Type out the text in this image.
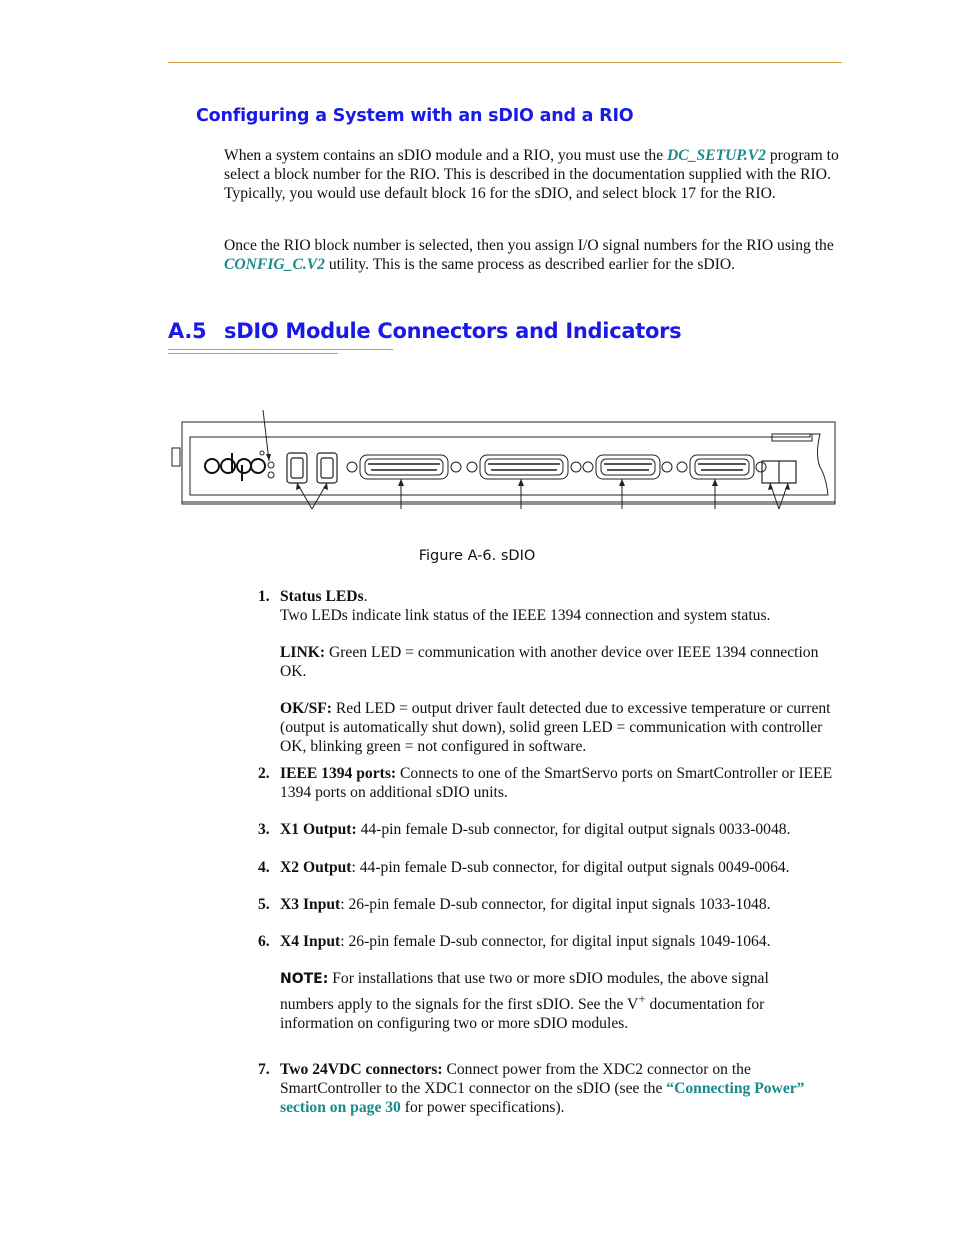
Configuring a System with an sDIO and a RIO

When a system contains an sDIO module and a RIO, you must use the DC_SETUP.V2 program to select a block number for the RIO. This is described in the documentation supplied with the RIO. Typically, you would use default block 16 for the sDIO, and select block 17 for the RIO.

Once the RIO block number is selected, then you assign I/O signal numbers for the RIO using the CONFIG_C.V2 utility. This is the same process as described earlier for the sDIO.

A.5 sDIO Module Connectors and Indicators

Figure A-6. sDIO

1. Status LEDs.
Two LEDs indicate link status of the IEEE 1394 connection and system status.
LINK: Green LED = communication with another device over IEEE 1394 connection OK.
OK/SF: Red LED = output driver fault detected due to excessive temperature or current (output is automatically shut down), solid green LED = communication with controller OK, blinking green = not configured in software.
2. IEEE 1394 ports: Connects to one of the SmartServo ports on SmartController or IEEE 1394 ports on additional sDIO units.
3. X1 Output: 44-pin female D-sub connector, for digital output signals 0033-0048.
4. X2 Output: 44-pin female D-sub connector, for digital output signals 0049-0064.
5. X3 Input: 26-pin female D-sub connector, for digital input signals 1033-1048.
6. X4 Input: 26-pin female D-sub connector, for digital input signals 1049-1064.
NOTE: For installations that use two or more sDIO modules, the above signal numbers apply to the signals for the first sDIO. See the V+ documentation for information on configuring two or more sDIO modules.
7. Two 24VDC connectors: Connect power from the XDC2 connector on the SmartController to the XDC1 connector on the sDIO (see the “Connecting Power” section on page 30 for power specifications).
